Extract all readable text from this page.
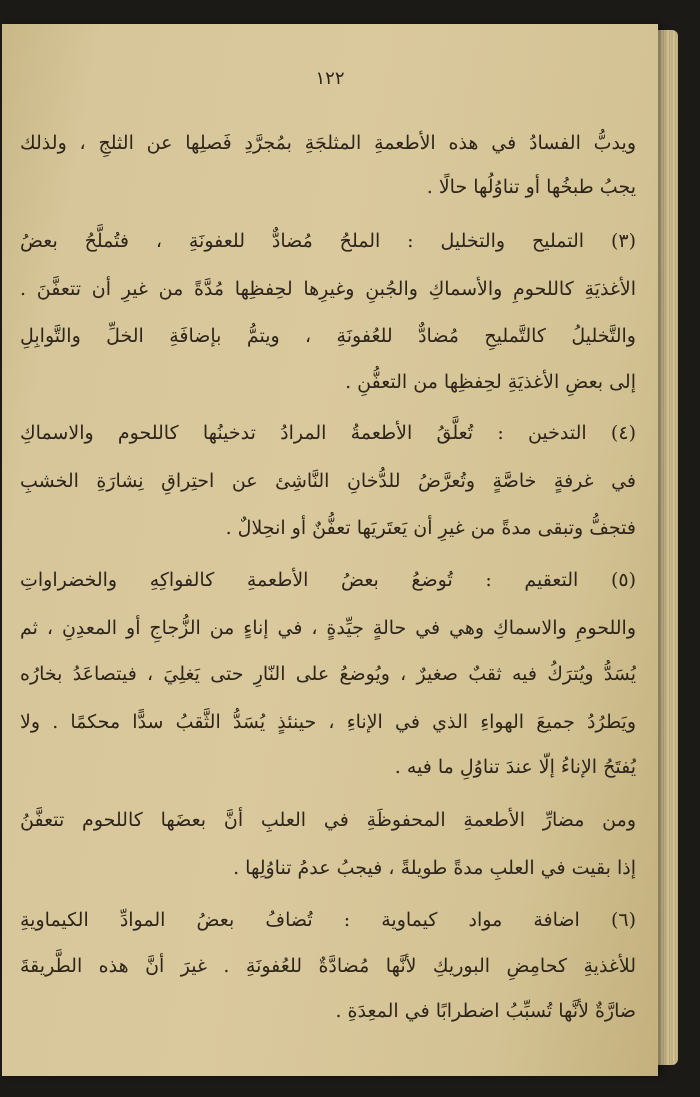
١٢٢
ويدبُّ الفسادُ في هذه الأطعمةِ المثلجَةِ بمُجرَّدِ فَصلِها عن الثلجِ ، ولذلك
يجبُ طبخُها أو تناوُلُها حالًا .
(٣) التمليح والتخليل : الملحُ مُضادٌّ للعفونَةِ ، فتُملَّحُ بعضُ
الأغذيَةِ كاللحومِ والأسماكِ والجُبنِ وغيرِها لحِفظِها مُدَّةً من غيرِ أن تتعفَّنَ .
والتَّخليلُ كالتَّمليحِ مُضادٌّ للعُفونَةِ ، ويتمُّ بإضافَةِ الخلِّ والتَّوابِلِ
إلى بعضِ الأغذيَةِ لحِفظِها من التعفُّنِ .
(٤) التدخين : تُعلَّقُ الأطعمةُ المرادُ تدخينُها كاللحوم والاسماكِ
في غرفةٍ خاصَّةٍ وتُعرَّضُ للدُّخانِ النَّاشِئ عن احتِراقِ نِشارَةِ الخشبِ
فتجفُّ وتبقى مدةً من غيرِ أن يَعتَريَها تعفُّنٌ أو انحِلالٌ .
(٥) التعقيم : تُوضعُ بعضُ الأطعمةِ كالفواكِهِ والخضراواتِ
واللحومِ والاسماكِ وهي في حالةٍ جيِّدةٍ ، في إناءٍ من الزُّجاجِ أو المعدِنِ ، ثم
يُسَدُّ ويُترَكُ فيه ثقبٌ صغيرٌ ، ويُوضعُ على النّارِ حتى يَغلِيَ ، فيتصاعَدُ بخارُه
ويَطرُدُ جميعَ الهواءِ الذي في الإناءِ ، حينئذٍ يُسَدُّ الثَّقبُ سدًّا محكمًا . ولا
يُفتَحُ الإناءُ إلّا عندَ تناوُلِ ما فيه .
ومن مضارِّ الأطعمةِ المحفوظَةِ في العلبِ أنَّ بعضَها كاللحوم تتعفَّنُ
إذا بقيت في العلبِ مدةً طويلةً ، فيجبُ عدمُ تناوُلِها .
(٦) اضافة مواد كيماوية : تُضافُ بعضُ الموادِّ الكيماويةِ
للأغذيةِ كحامِضِ البوريكِ لأنَّها مُضادَّةٌ للعُفونَةِ . غيرَ أنَّ هذه الطَّريقةَ
ضارَّةٌ لأنَّها تُسبِّبُ اضطرابًا في المعِدَةِ .
